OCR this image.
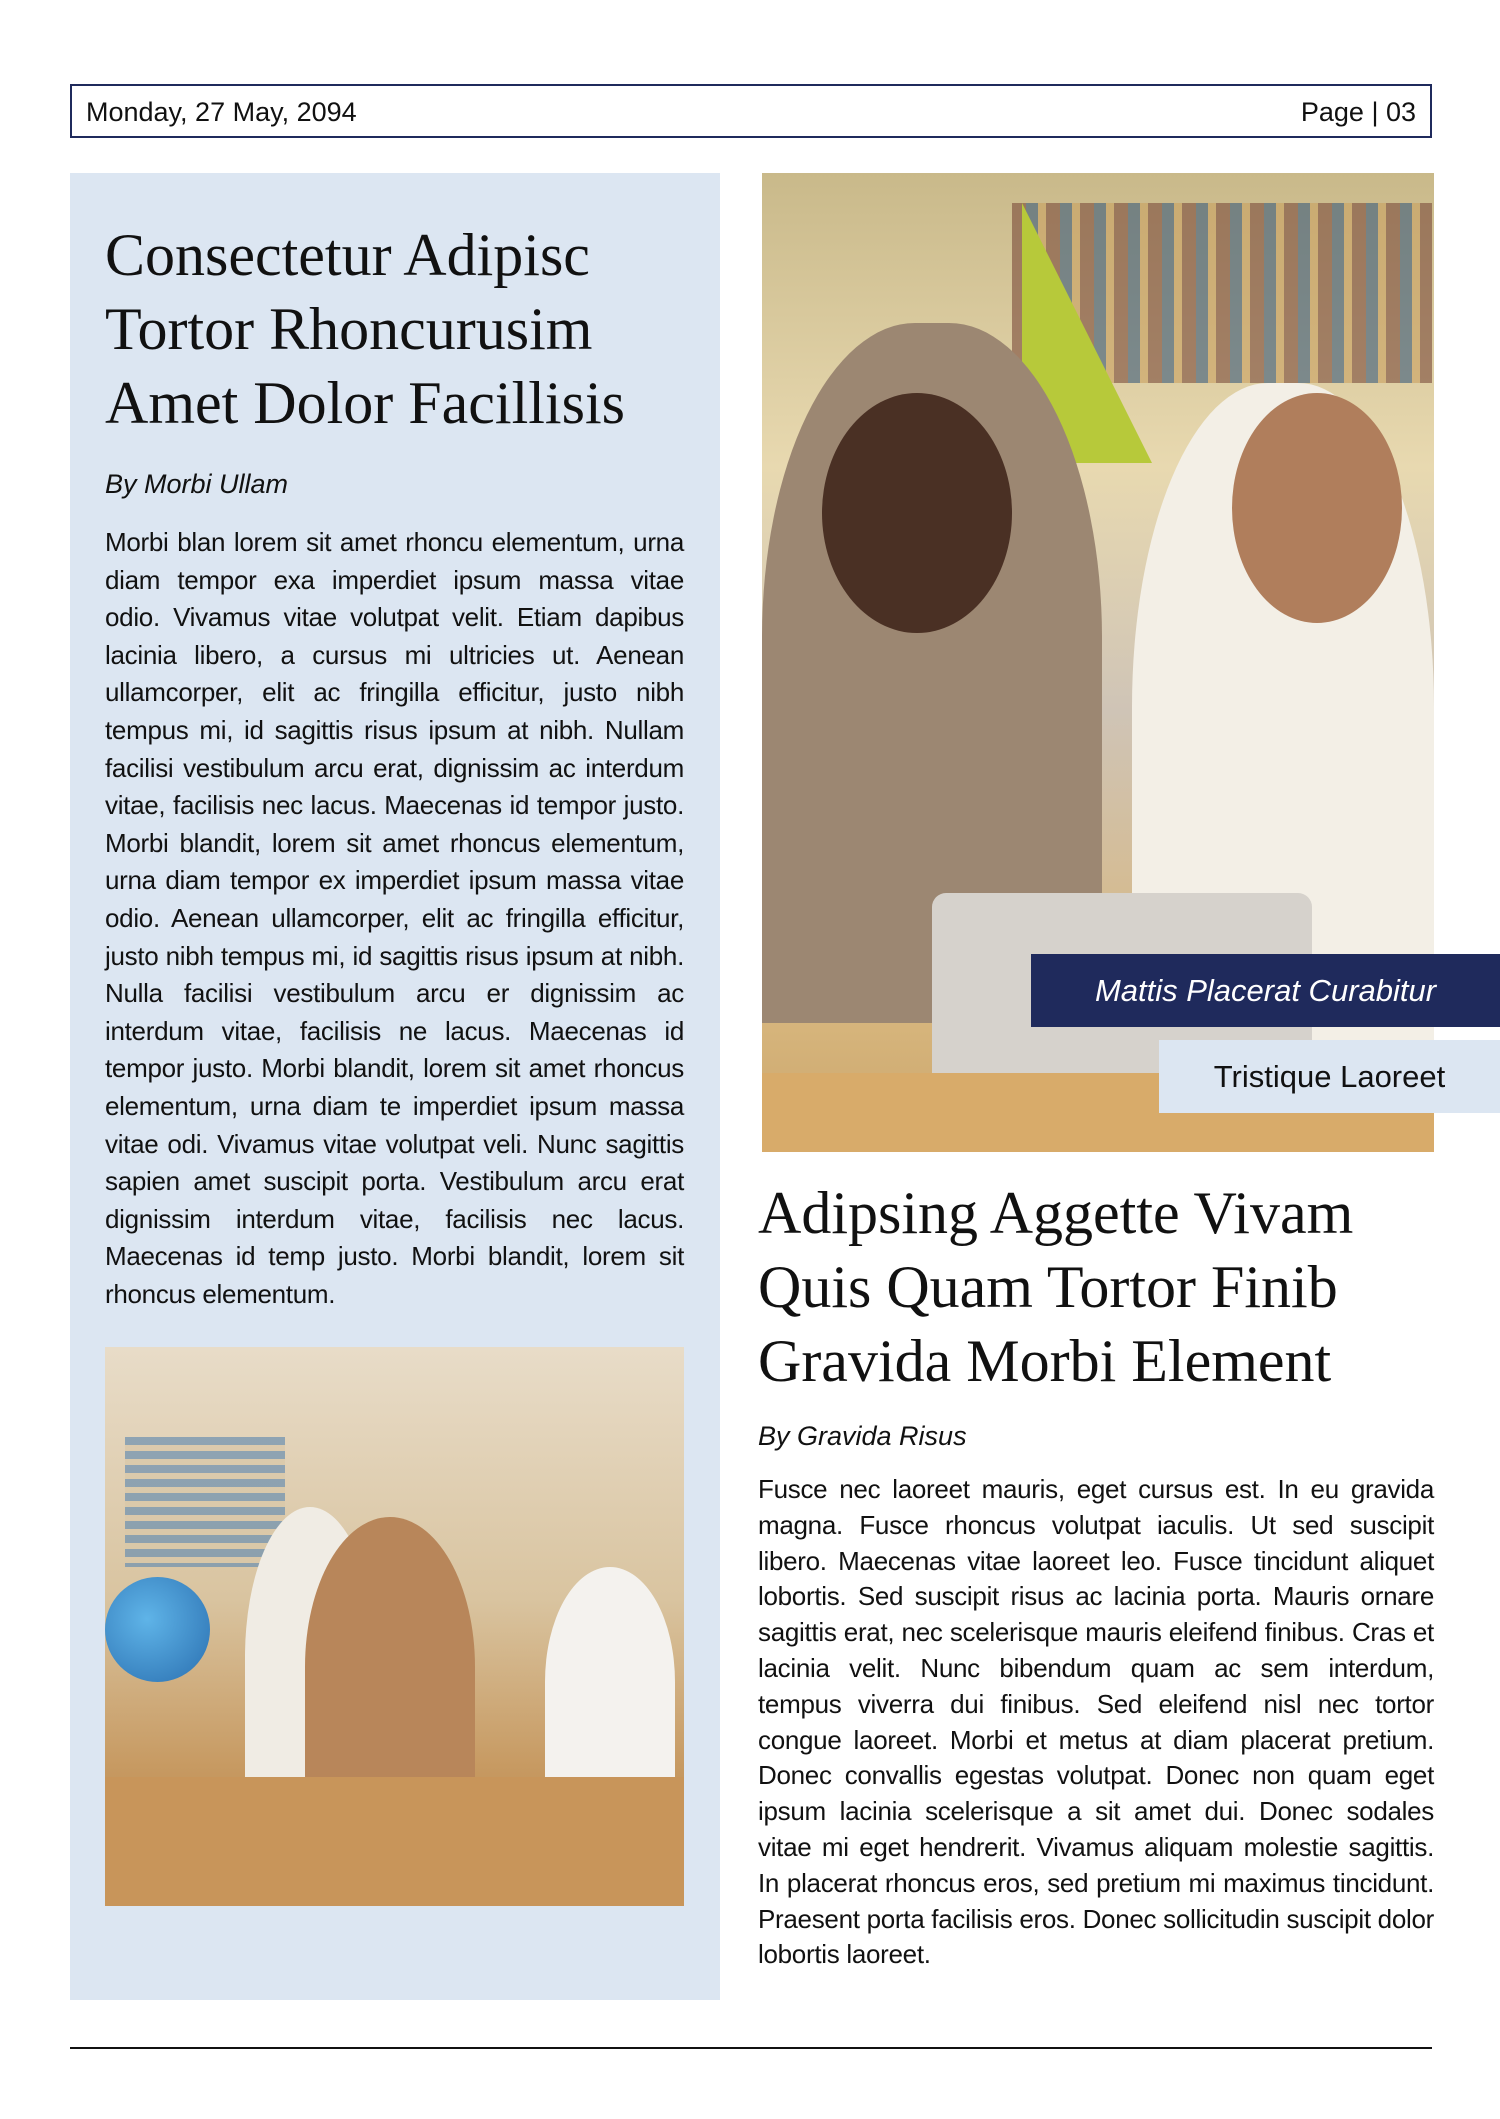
Monday, 27 May, 2094	Page | 03
Consectetur Adipisc Tortor Rhoncurusim Amet Dolor Facillisis
By Morbi Ullam
Morbi blan lorem sit amet rhoncu elementum, urna diam tempor exa imperdiet ipsum massa vitae odio. Vivamus vitae volutpat velit. Etiam dapibus lacinia libero, a cursus mi ultricies ut. Aenean ullamcorper, elit ac fringilla efficitur, justo nibh tempus mi, id sagittis risus ipsum at nibh. Nullam facilisi vestibulum arcu erat, dignissim ac interdum vitae, facilisis nec lacus. Maecenas id tempor justo. Morbi blandit, lorem sit amet rhoncus elementum, urna diam tempor ex imperdiet ipsum massa vitae odio. Aenean ullamcorper, elit ac fringilla efficitur, justo nibh tempus mi, id sagittis risus ipsum at nibh. Nulla facilisi vestibulum arcu er dignissim ac interdum vitae, facilisis ne lacus. Maecenas id tempor justo. Morbi blandit, lorem sit amet rhoncus elementum, urna diam te imperdiet ipsum massa vitae odi. Vivamus vitae volutpat veli. Nunc sagittis sapien amet suscipit porta. Vestibulum arcu erat dignissim interdum vitae, facilisis nec lacus. Maecenas id temp justo. Morbi blandit, lorem sit rhoncus elementum.
Mattis Placerat Curabitur
Tristique Laoreet
Adipsing Aggette Vivam Quis Quam Tortor Finib Gravida Morbi Element
By Gravida Risus
Fusce nec laoreet mauris, eget cursus est. In eu gravida magna. Fusce rhoncus volutpat iaculis. Ut sed suscipit libero. Maecenas vitae laoreet leo. Fusce tincidunt aliquet lobortis. Sed suscipit risus ac lacinia porta. Mauris ornare sagittis erat, nec scelerisque mauris eleifend finibus. Cras et lacinia velit. Nunc bibendum quam ac sem interdum, tempus viverra dui finibus. Sed eleifend nisl nec tortor congue laoreet. Morbi et metus at diam placerat pretium. Donec convallis egestas volutpat. Donec non quam eget ipsum lacinia scelerisque a sit amet dui. Donec sodales vitae mi eget hendrerit. Vivamus aliquam molestie sagittis. In placerat rhoncus eros, sed pretium mi maximus tincidunt. Praesent porta facilisis eros. Donec sollicitudin suscipit dolor lobortis laoreet.
